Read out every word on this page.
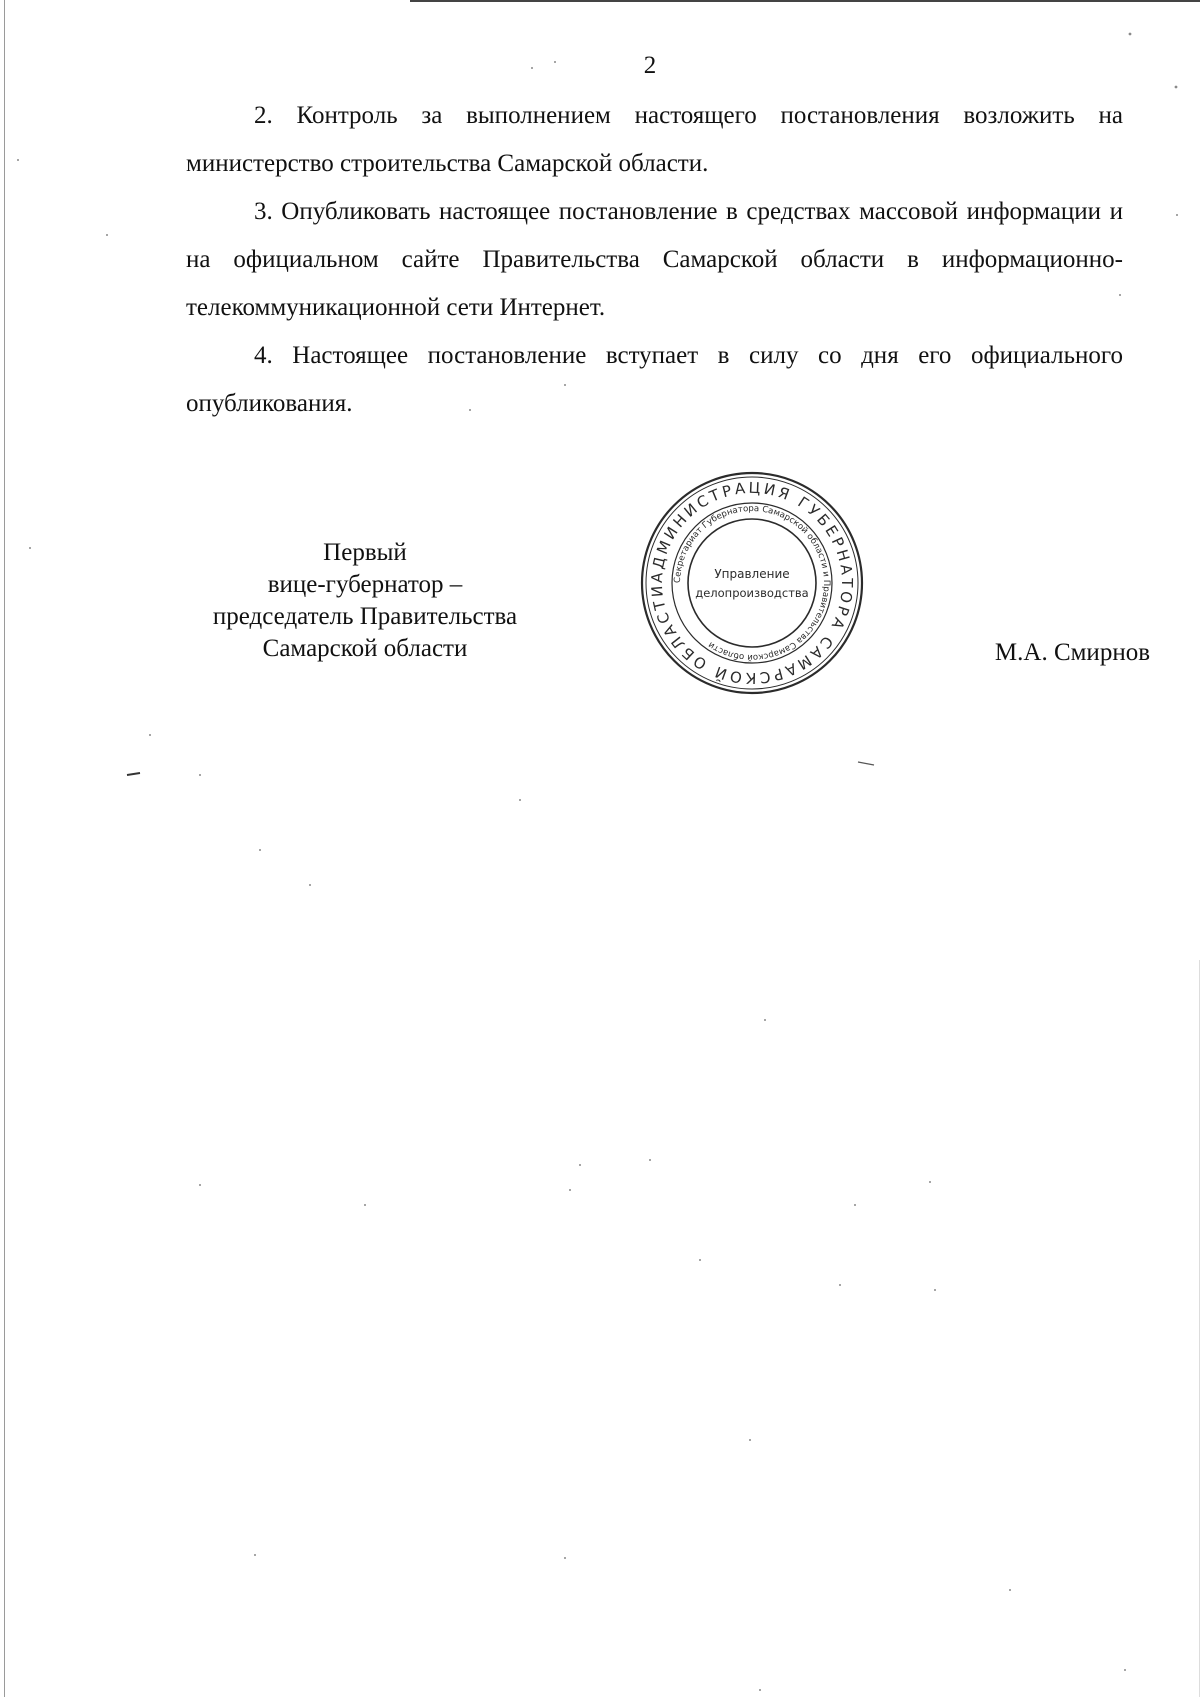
2

2. Контроль за выполнением настоящего постановления возложить на министерство строительства Самарской области.

3. Опубликовать настоящее постановление в средствах массовой информации и на официальном сайте Правительства Самарской области в информационно-телекоммуникационной сети Интернет.

4. Настоящее постановление вступает в силу со дня его официального опубликования.

Первый
вице-губернатор –
председатель Правительства
Самарской области
АДМИНИСТРАЦИЯ ГУБЕРНАТОРА САМАРСКОЙ ОБЛАСТИ
Секретариат Губернатора Самарской области и Правительства Самарской области
Управление
делопроизводства
М.А. Смирнов
